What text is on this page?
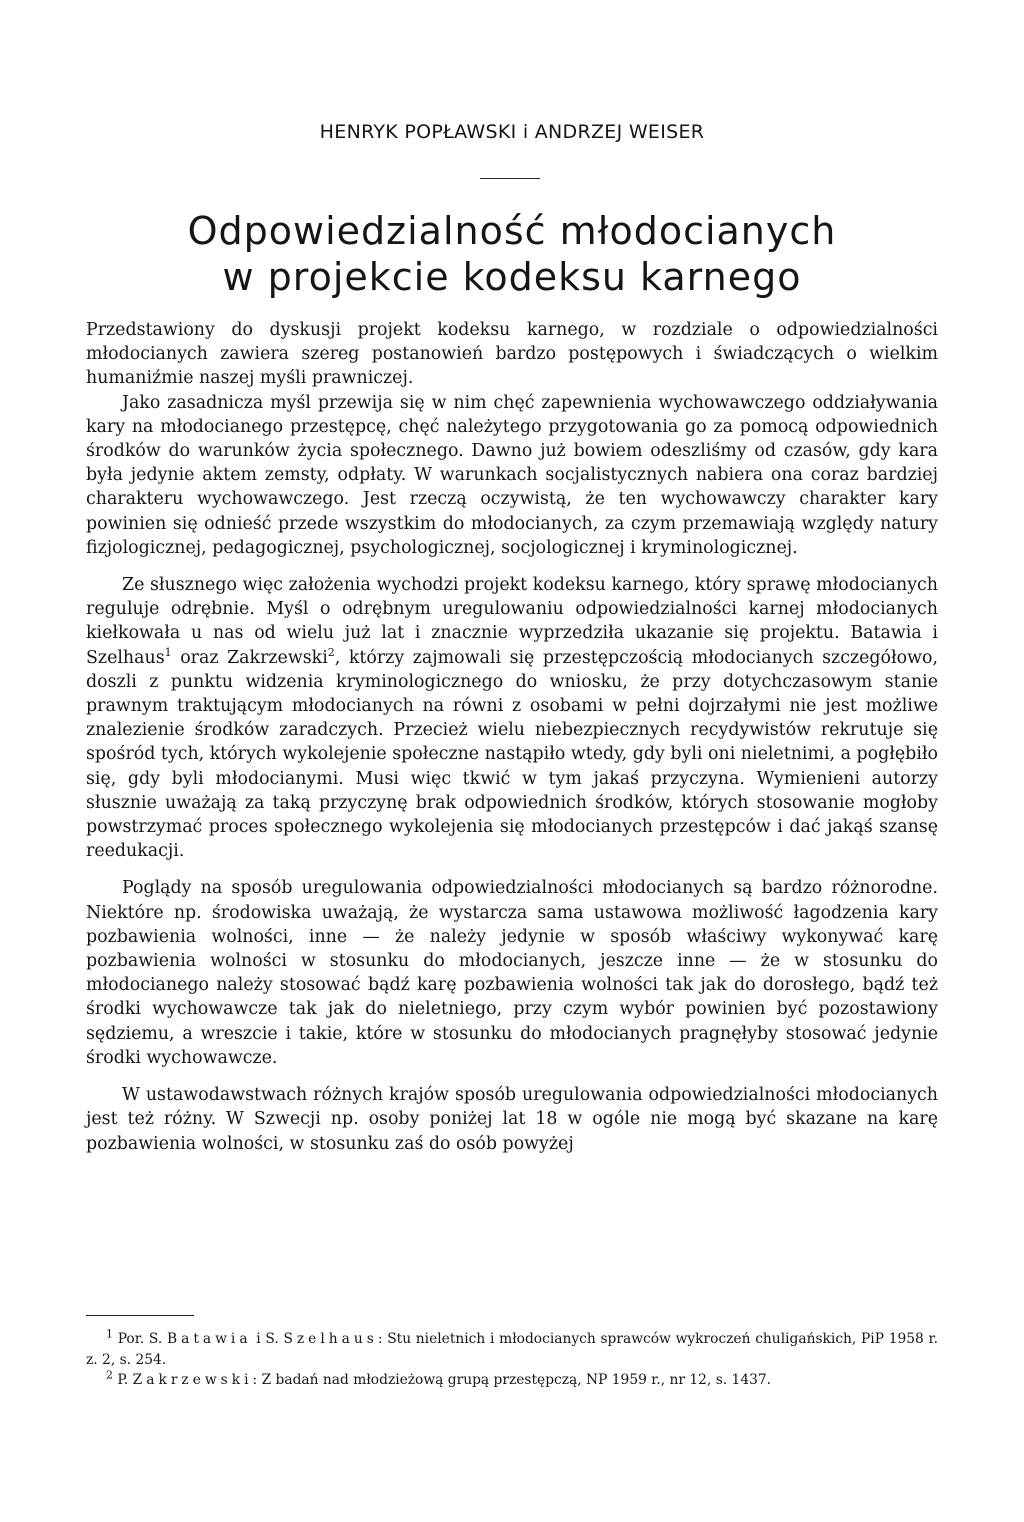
HENRYK POPŁAWSKI i ANDRZEJ WEISER
Odpowiedzialność młodocianych
w projekcie kodeksu karnego

Przedstawiony do dyskusji projekt kodeksu karnego, w rozdziale o odpowiedzialności młodocianych zawiera szereg postanowień bardzo postępowych i świadczących o wielkim humaniźmie naszej myśli prawniczej.

Jako zasadnicza myśl przewija się w nim chęć zapewnienia wychowawczego oddziaływania kary na młodocianego przestępcę, chęć należytego przygotowania go za pomocą odpowiednich środków do warunków życia społecznego. Dawno już bowiem odeszliśmy od czasów, gdy kara była jedynie aktem zemsty, odpłaty. W warunkach socjalistycznych nabiera ona coraz bardziej charakteru wychowawczego. Jest rzeczą oczywistą, że ten wychowawczy charakter kary powinien się odnieść przede wszystkim do młodocianych, za czym przemawiają względy natury fizjologicznej, pedagogicznej, psychologicznej, socjologicznej i kryminologicznej.

Ze słusznego więc założenia wychodzi projekt kodeksu karnego, który sprawę młodocianych reguluje odrębnie. Myśl o odrębnym uregulowaniu odpowiedzialności karnej młodocianych kiełkowała u nas od wielu już lat i znacznie wyprzedziła ukazanie się projektu. Batawia i Szelhaus$^1$ oraz Zakrzewski$^2$, którzy zajmowali się przestępczością młodocianych szczegółowo, doszli z punktu widzenia kryminologicznego do wniosku, że przy dotychczasowym stanie prawnym traktującym młodocianych na równi z osobami w pełni dojrzałymi nie jest możliwe znalezienie środków zaradczych. Przecież wielu niebezpiecznych recydywistów rekrutuje się spośród tych, których wykolejenie społeczne nastąpiło wtedy, gdy byli oni nieletnimi, a pogłębiło się, gdy byli młodocianymi. Musi więc tkwić w tym jakaś przyczyna. Wymienieni autorzy słusznie uważają za taką przyczynę brak odpowiednich środków, których stosowanie mogłoby powstrzymać proces społecznego wykolejenia się młodocianych przestępców i dać jakąś szansę reedukacji.

Poglądy na sposób uregulowania odpowiedzialności młodocianych są bardzo różnorodne. Niektóre np. środowiska uważają, że wystarcza sama ustawowa możliwość łagodzenia kary pozbawienia wolności, inne — że należy jedynie w sposób właściwy wykonywać karę pozbawienia wolności w stosunku do młodocianych, jeszcze inne — że w stosunku do młodocianego należy stosować bądź karę pozbawienia wolności tak jak do dorosłego, bądź też środki wychowawcze tak jak do nieletniego, przy czym wybór powinien być pozostawiony sędziemu, a wreszcie i takie, które w stosunku do młodocianych pragnęłyby stosować jedynie środki wychowawcze.

W ustawodawstwach różnych krajów sposób uregulowania odpowiedzialności młodocianych jest też różny. W Szwecji np. osoby poniżej lat 18 w ogóle nie mogą być skazane na karę pozbawienia wolności, w stosunku zaś do osób powyżej

$^1$ Por. S. Batawia i S. Szelhaus: Stu nieletnich i młodocianych sprawców wykroczeń chuligańskich, PiP 1958 r. z. 2, s. 254.

$^2$ P. Zakrzewski: Z badań nad młodzieżową grupą przestępczą, NP 1959 r., nr 12, s. 1437.
